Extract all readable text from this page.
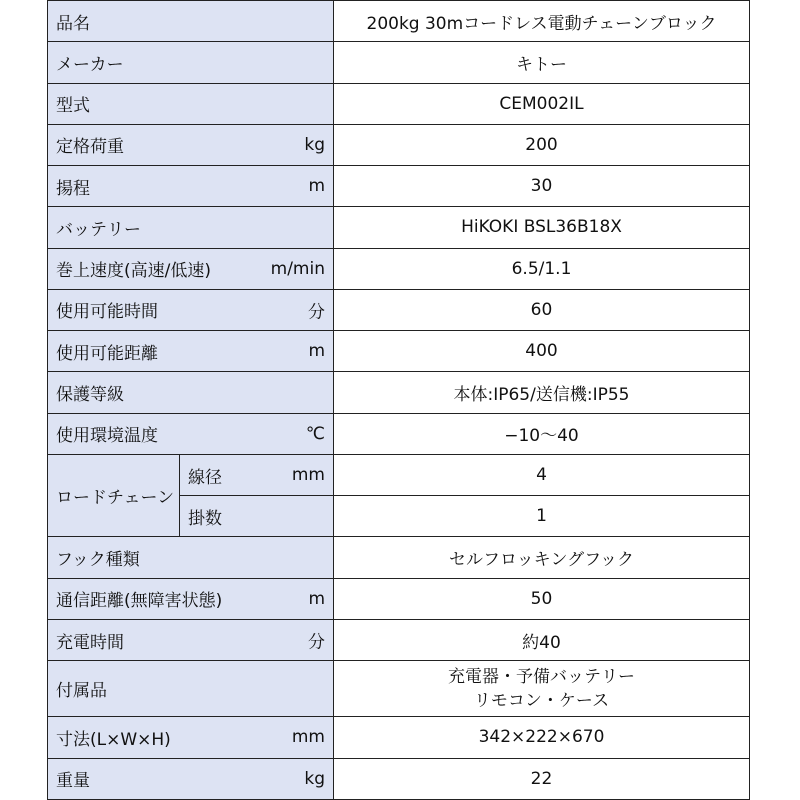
品名		200kg 30mコードレス電動チェーンブロック
メーカー		キトー
型式		CEM002IL
定格荷重 kg		200
揚程 m		30
バッテリー		HiKOKI BSL36B18X
巻上速度(高速/低速) m/min		6.5/1.1
使用可能時間 分		60
使用可能距離 m		400
保護等級		本体:IP65/送信機:IP55
使用環境温度 ℃		−10〜40
ロードチェーン	線径 mm	4
	掛数	1
フック種類		セルフロッキングフック
通信距離(無障害状態) m		50
充電時間 分		約40
付属品		充電器・予備バッテリー
リモコン・ケース

寸法(L×W×H) mm		342×222×670
重量 kg		22
